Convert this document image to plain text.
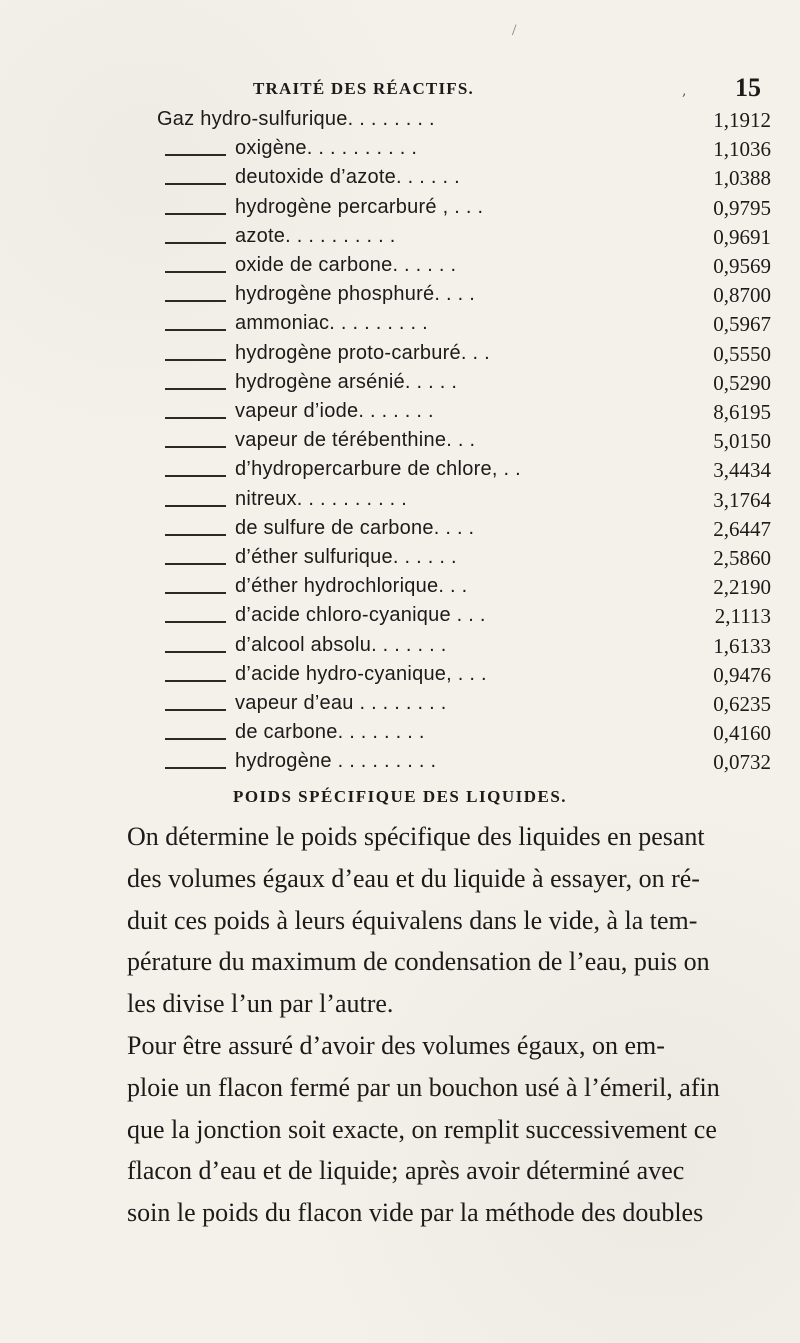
/
TRAITÉ DES RÉACTIFS.	, 15
Gaz hydro-sulfurique. . . . . . . .	1,1912
oxigène. . . . . . . . . .	1,1036
deutoxide d’azote. . . . . .	1,0388
hydrogène percarburé , . . .	0,9795
azote. . . . . . . . . .	0,9691
oxide de carbone. . . . . .	0,9569
hydrogène phosphuré. . . .	0,8700
ammoniac. . . . . . . . .	0,5967
hydrogène proto-carburé. . .	0,5550
hydrogène arsénié. . . . .	0,5290
vapeur d’iode. . . . . . .	8,6195
vapeur de térébenthine. . .	5,0150
d’hydropercarbure de chlore, . .	3,4434
nitreux. . . . . . . . . .	3,1764
de sulfure de carbone. . . .	2,6447
d’éther sulfurique. . . . . .	2,5860
d’éther hydrochlorique. . .	2,2190
d’acide chloro-cyanique . . .	2,1113
d’alcool absolu. . . . . . .	1,6133
d’acide hydro-cyanique, . . .	0,9476
vapeur d’eau . . . . . . . .	0,6235
de carbone. . . . . . . .	0,4160
hydrogène . . . . . . . . .	0,0732
POIDS SPÉCIFIQUE DES LIQUIDES.

On détermine le poids spécifique des liquides en pesant
des volumes égaux d’eau et du liquide à essayer, on ré-
duit ces poids à leurs équivalens dans le vide, à la tem-
pérature du maximum de condensation de l’eau, puis on
les divise l’un par l’autre.

Pour être assuré d’avoir des volumes égaux, on em-
ploie un flacon fermé par un bouchon usé à l’émeril, afin
que la jonction soit exacte, on remplit successivement ce
flacon d’eau et de liquide; après avoir déterminé avec
soin le poids du flacon vide par la méthode des doubles
